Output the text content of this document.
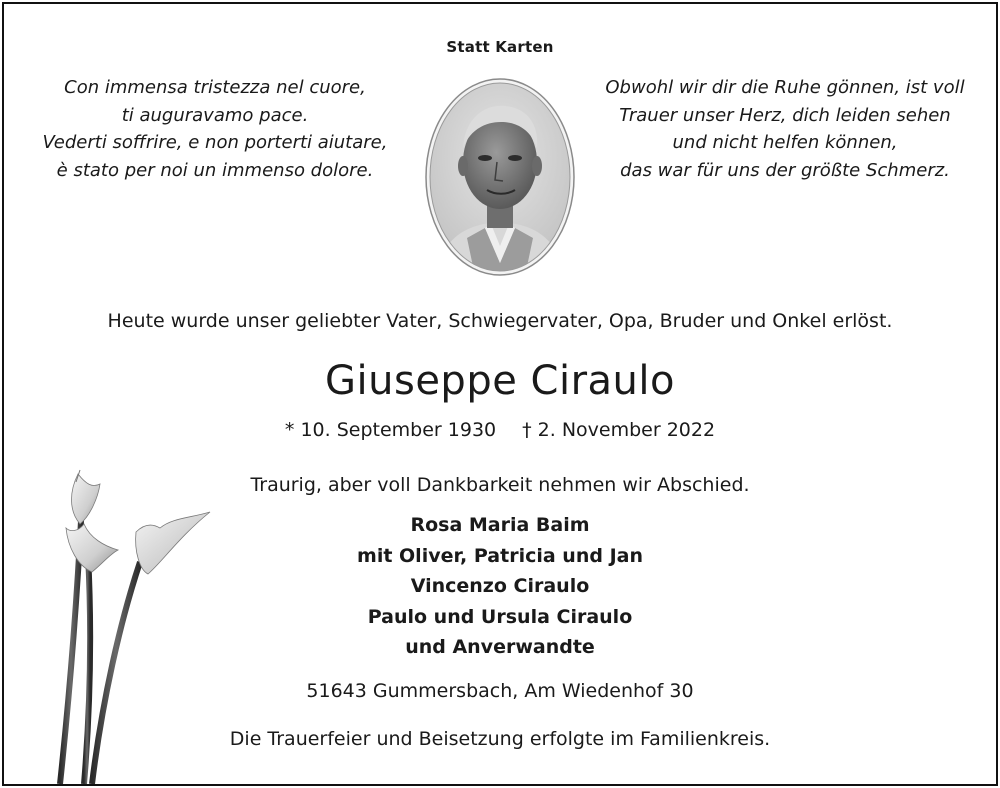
Statt Karten
Con immensa tristezza nel cuore,
ti auguravamo pace.
Vederti soffrire, e non porterti aiutare,
è stato per noi un immenso dolore.
Obwohl wir dir die Ruhe gönnen, ist voll
Trauer unser Herz, dich leiden sehen
und nicht helfen können,
das war für uns der größte Schmerz.
Heute wurde unser geliebter Vater, Schwiegervater, Opa, Bruder und Onkel erlöst.
Giuseppe Ciraulo
* 10. September 1930 † 2. November 2022
Traurig, aber voll Dankbarkeit nehmen wir Abschied.
Rosa Maria Baim
mit Oliver, Patricia und Jan
Vincenzo Ciraulo
Paulo und Ursula Ciraulo
und Anverwandte
51643 Gummersbach, Am Wiedenhof 30
Die Trauerfeier und Beisetzung erfolgte im Familienkreis.
